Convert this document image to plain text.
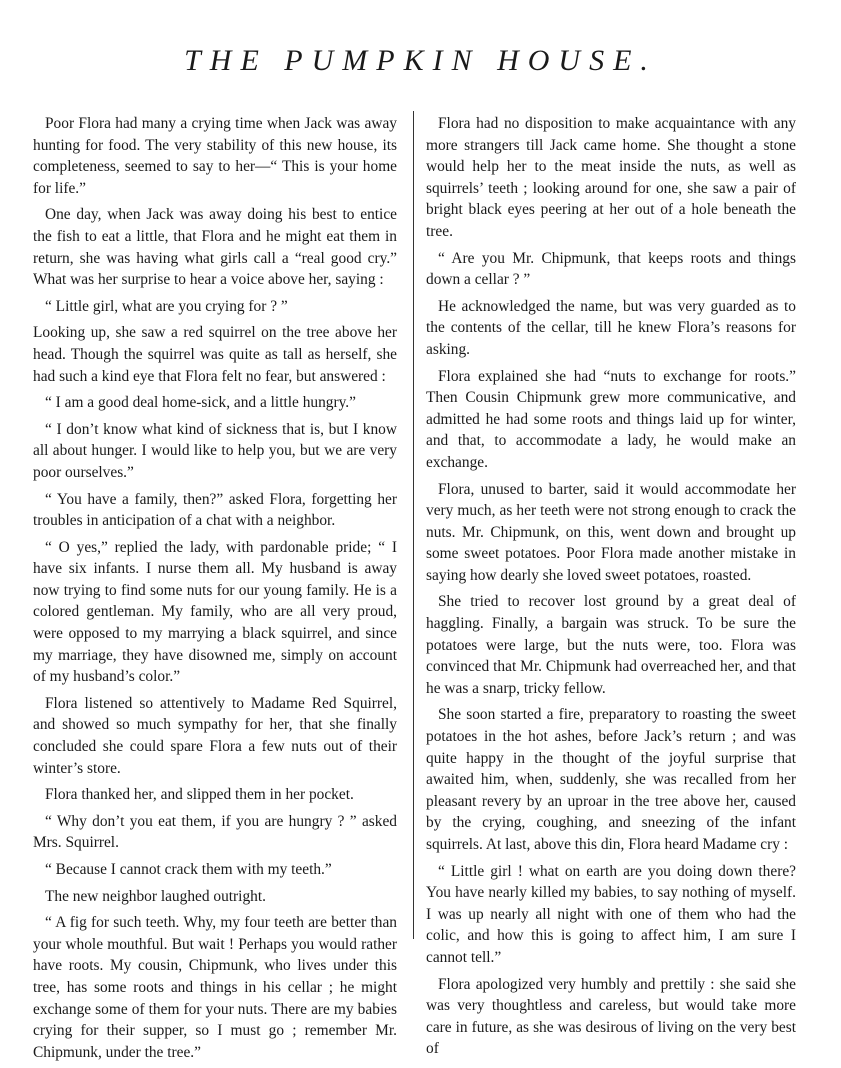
THE PUMPKIN HOUSE.

Poor Flora had many a crying time when Jack was away hunting for food. The very stability of this new house, its completeness, seemed to say to her—“ This is your home for life.”

One day, when Jack was away doing his best to entice the fish to eat a little, that Flora and he might eat them in return, she was having what girls call a “real good cry.” What was her surprise to hear a voice above her, saying :

“ Little girl, what are you crying for ? ”

Looking up, she saw a red squirrel on the tree above her head. Though the squirrel was quite as tall as herself, she had such a kind eye that Flora felt no fear, but answered :

“ I am a good deal home-sick, and a little hungry.”

“ I don’t know what kind of sickness that is, but I know all about hunger. I would like to help you, but we are very poor ourselves.”

“ You have a family, then?” asked Flora, forgetting her troubles in anticipation of a chat with a neighbor.

“ O yes,” replied the lady, with pardonable pride; “ I have six infants. I nurse them all. My husband is away now trying to find some nuts for our young family. He is a colored gentleman. My family, who are all very proud, were opposed to my marrying a black squirrel, and since my marriage, they have disowned me, simply on account of my husband’s color.”

Flora listened so attentively to Madame Red Squirrel, and showed so much sympathy for her, that she finally concluded she could spare Flora a few nuts out of their winter’s store.

Flora thanked her, and slipped them in her pocket.

“ Why don’t you eat them, if you are hungry ? ” asked Mrs. Squirrel.

“ Because I cannot crack them with my teeth.”

The new neighbor laughed outright.

“ A fig for such teeth. Why, my four teeth are better than your whole mouthful. But wait ! Perhaps you would rather have roots. My cousin, Chipmunk, who lives under this tree, has some roots and things in his cellar ; he might exchange some of them for your nuts. There are my babies crying for their supper, so I must go ; remember Mr. Chipmunk, under the tree.”

Flora had no disposition to make acquaintance with any more strangers till Jack came home. She thought a stone would help her to the meat inside the nuts, as well as squirrels’ teeth ; looking around for one, she saw a pair of bright black eyes peering at her out of a hole beneath the tree.

“ Are you Mr. Chipmunk, that keeps roots and things down a cellar ? ”

He acknowledged the name, but was very guarded as to the contents of the cellar, till he knew Flora’s reasons for asking.

Flora explained she had “nuts to exchange for roots.” Then Cousin Chipmunk grew more communicative, and admitted he had some roots and things laid up for winter, and that, to accommodate a lady, he would make an exchange.

Flora, unused to barter, said it would accommodate her very much, as her teeth were not strong enough to crack the nuts. Mr. Chipmunk, on this, went down and brought up some sweet potatoes. Poor Flora made another mistake in saying how dearly she loved sweet potatoes, roasted.

She tried to recover lost ground by a great deal of haggling. Finally, a bargain was struck. To be sure the potatoes were large, but the nuts were, too. Flora was convinced that Mr. Chipmunk had overreached her, and that he was a snarp, tricky fellow.

She soon started a fire, preparatory to roasting the sweet potatoes in the hot ashes, before Jack’s return ; and was quite happy in the thought of the joyful surprise that awaited him, when, suddenly, she was recalled from her pleasant revery by an uproar in the tree above her, caused by the crying, coughing, and sneezing of the infant squirrels. At last, above this din, Flora heard Madame cry :

“ Little girl ! what on earth are you doing down there? You have nearly killed my babies, to say nothing of myself. I was up nearly all night with one of them who had the colic, and how this is going to affect him, I am sure I cannot tell.”

Flora apologized very humbly and prettily : she said she was very thoughtless and careless, but would take more care in future, as she was desirous of living on the very best of
